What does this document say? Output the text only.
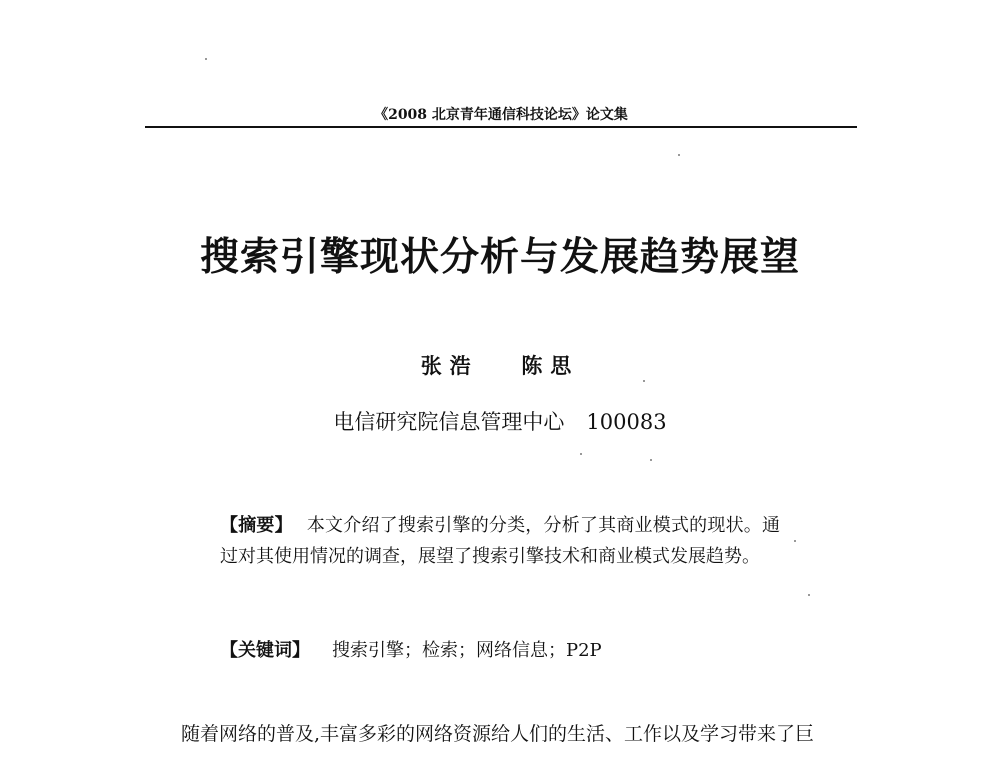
《2008 北京青年通信科技论坛》论文集
搜索引擎现状分析与发展趋势展望
张浩 陈思
电信研究院信息管理中心 100083
【摘要】 本文介绍了搜索引擎的分类，分析了其商业模式的现状。通过对其使用情况的调查，展望了搜索引擎技术和商业模式发展趋势。
【关键词】 搜索引擎；检索；网络信息；P2P
随着网络的普及,丰富多彩的网络资源给人们的生活、工作以及学习带来了巨
